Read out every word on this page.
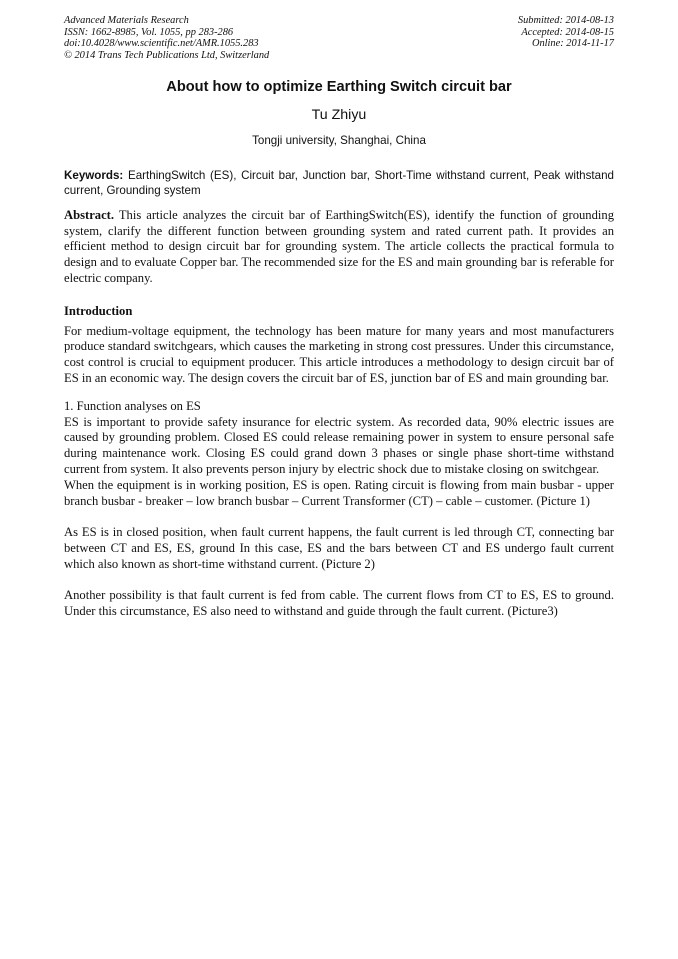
Advanced Materials Research
ISSN: 1662-8985, Vol. 1055, pp 283-286
doi:10.4028/www.scientific.net/AMR.1055.283
© 2014 Trans Tech Publications Ltd, Switzerland
Submitted: 2014-08-13
Accepted: 2014-08-15
Online: 2014-11-17
About how to optimize Earthing Switch circuit bar
Tu Zhiyu
Tongji university, Shanghai, China
Keywords: EarthingSwitch (ES), Circuit bar, Junction bar, Short-Time withstand current, Peak withstand current, Grounding system
Abstract. This article analyzes the circuit bar of EarthingSwitch(ES), identify the function of grounding system, clarify the different function between grounding system and rated current path. It provides an efficient method to design circuit bar for grounding system. The article collects the practical formula to design and to evaluate Copper bar. The recommended size for the ES and main grounding bar is referable for electric company.
Introduction

For medium-voltage equipment, the technology has been mature for many years and most manufacturers produce standard switchgears, which causes the marketing in strong cost pressures. Under this circumstance, cost control is crucial to equipment producer. This article introduces a methodology to design circuit bar of ES in an economic way. The design covers the circuit bar of ES, junction bar of ES and main grounding bar.

1. Function analyses on ES

ES is important to provide safety insurance for electric system. As recorded data, 90% electric issues are caused by grounding problem. Closed ES could release remaining power in system to ensure personal safe during maintenance work. Closing ES could grand down 3 phases or single phase short-time withstand current from system. It also prevents person injury by electric shock due to mistake closing on switchgear.

When the equipment is in working position, ES is open. Rating circuit is flowing from main busbar - upper branch busbar - breaker – low branch busbar – Current Transformer (CT) – cable – customer. (Picture 1)

As ES is in closed position, when fault current happens, the fault current is led through CT, connecting bar between CT and ES, ES, ground In this case, ES and the bars between CT and ES undergo fault current which also known as short-time withstand current. (Picture 2)

Another possibility is that fault current is fed from cable. The current flows from CT to ES, ES to ground. Under this circumstance, ES also need to withstand and guide through the fault current. (Picture3)
